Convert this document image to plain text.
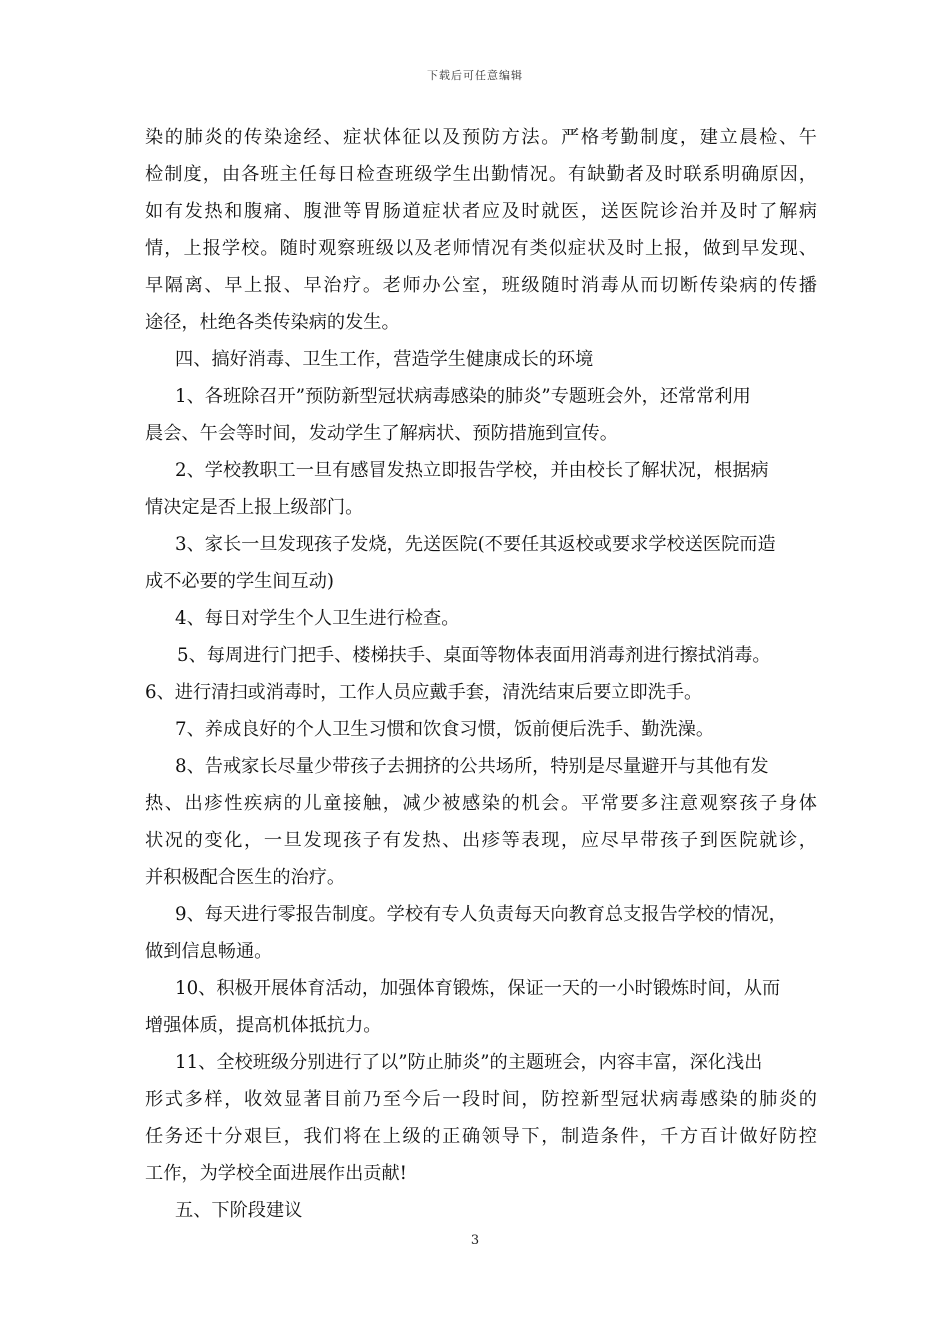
下载后可任意编辑
染的肺炎的传染途经、症状体征以及预防方法。严格考勤制度，建立晨检、午
检制度，由各班主任每日检查班级学生出勤情况。有缺勤者及时联系明确原因，
如有发热和腹痛、腹泄等胃肠道症状者应及时就医，送医院诊治并及时了解病
情，上报学校。随时观察班级以及老师情况有类似症状及时上报，做到早发现、
早隔离、早上报、早治疗。老师办公室，班级随时消毒从而切断传染病的传播
途径，杜绝各类传染病的发生。
四、搞好消毒、卫生工作，营造学生健康成长的环境
1、各班除召开”预防新型冠状病毒感染的肺炎”专题班会外，还常常利用
晨会、午会等时间，发动学生了解病状、预防措施到宣传。
2、学校教职工一旦有感冒发热立即报告学校，并由校长了解状况，根据病
情决定是否上报上级部门。
3、家长一旦发现孩子发烧，先送医院(不要任其返校或要求学校送医院而造
成不必要的学生间互动)
4、每日对学生个人卫生进行检查。
5、每周进行门把手、楼梯扶手、桌面等物体表面用消毒剂进行擦拭消毒。
6、进行清扫或消毒时，工作人员应戴手套，清洗结束后要立即洗手。
7、养成良好的个人卫生习惯和饮食习惯，饭前便后洗手、勤洗澡。
8、告戒家长尽量少带孩子去拥挤的公共场所，特别是尽量避开与其他有发
热、出疹性疾病的儿童接触，减少被感染的机会。平常要多注意观察孩子身体
状况的变化，一旦发现孩子有发热、出疹等表现，应尽早带孩子到医院就诊，
并积极配合医生的治疗。
9、每天进行零报告制度。学校有专人负责每天向教育总支报告学校的情况，
做到信息畅通。
10、积极开展体育活动，加强体育锻炼，保证一天的一小时锻炼时间，从而
增强体质，提高机体抵抗力。
11、全校班级分别进行了以”防止肺炎”的主题班会，内容丰富，深化浅出
形式多样，收效显著目前乃至今后一段时间，防控新型冠状病毒感染的肺炎的
任务还十分艰巨，我们将在上级的正确领导下，制造条件，千方百计做好防控
工作，为学校全面进展作出贡献!
五、下阶段建议
3
